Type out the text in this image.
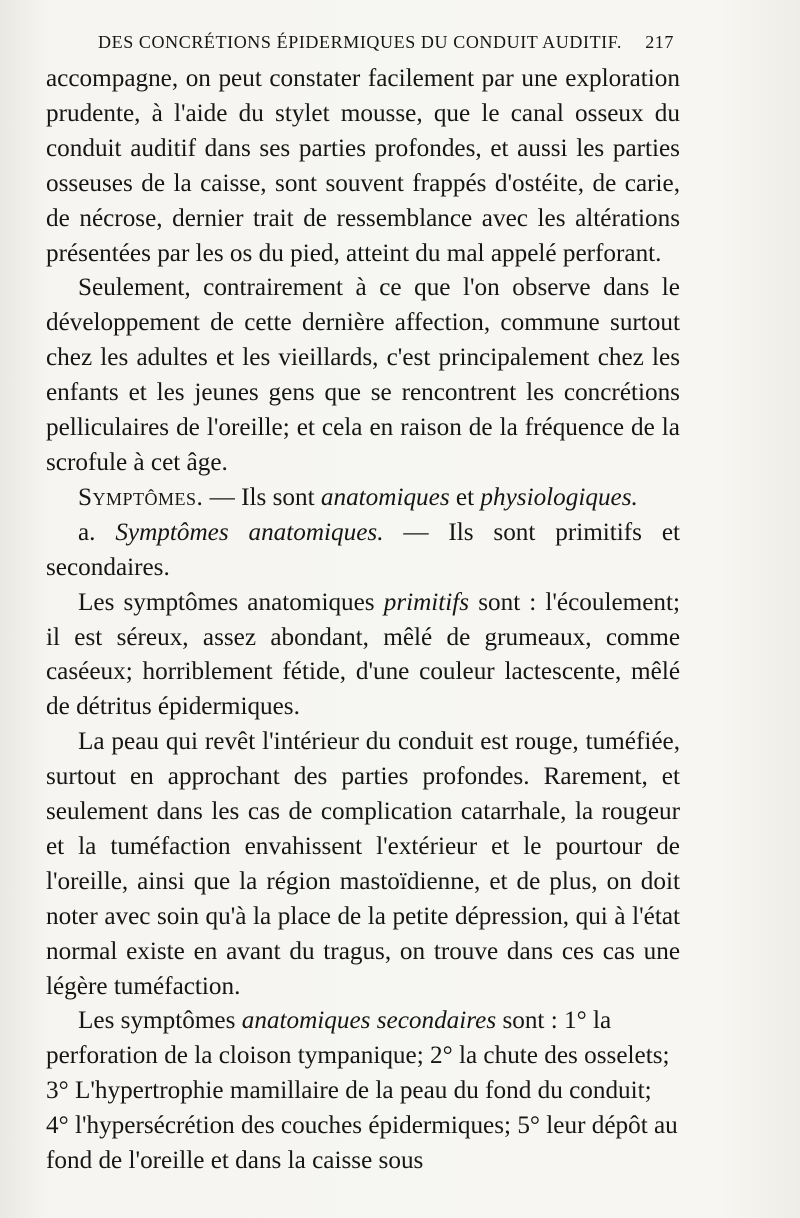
DES CONCRÉTIONS ÉPIDERMIQUES DU CONDUIT AUDITIF. 217

accompagne, on peut constater facilement par une exploration prudente, à l'aide du stylet mousse, que le canal osseux du conduit auditif dans ses parties profondes, et aussi les parties osseuses de la caisse, sont souvent frappés d'ostéite, de carie, de nécrose, dernier trait de ressemblance avec les altérations présentées par les os du pied, atteint du mal appelé perforant.

Seulement, contrairement à ce que l'on observe dans le développement de cette dernière affection, commune surtout chez les adultes et les vieillards, c'est principalement chez les enfants et les jeunes gens que se rencontrent les concrétions pelliculaires de l'oreille; et cela en raison de la fréquence de la scrofule à cet âge.

Symptômes. — Ils sont anatomiques et physiologiques.

a. Symptômes anatomiques. — Ils sont primitifs et secondaires.

Les symptômes anatomiques primitifs sont : l'écoulement; il est séreux, assez abondant, mêlé de grumeaux, comme caséeux; horriblement fétide, d'une couleur lactescente, mêlé de détritus épidermiques.

La peau qui revêt l'intérieur du conduit est rouge, tuméfiée, surtout en approchant des parties profondes. Rarement, et seulement dans les cas de complication catarrhale, la rougeur et la tuméfaction envahissent l'extérieur et le pourtour de l'oreille, ainsi que la région mastoïdienne, et de plus, on doit noter avec soin qu'à la place de la petite dépression, qui à l'état normal existe en avant du tragus, on trouve dans ces cas une légère tuméfaction.

Les symptômes anatomiques secondaires sont : 1° la perforation de la cloison tympanique; 2° la chute des osselets; 3° L'hypertrophie mamillaire de la peau du fond du conduit; 4° l'hypersécrétion des couches épidermiques; 5° leur dépôt au fond de l'oreille et dans la caisse sous
